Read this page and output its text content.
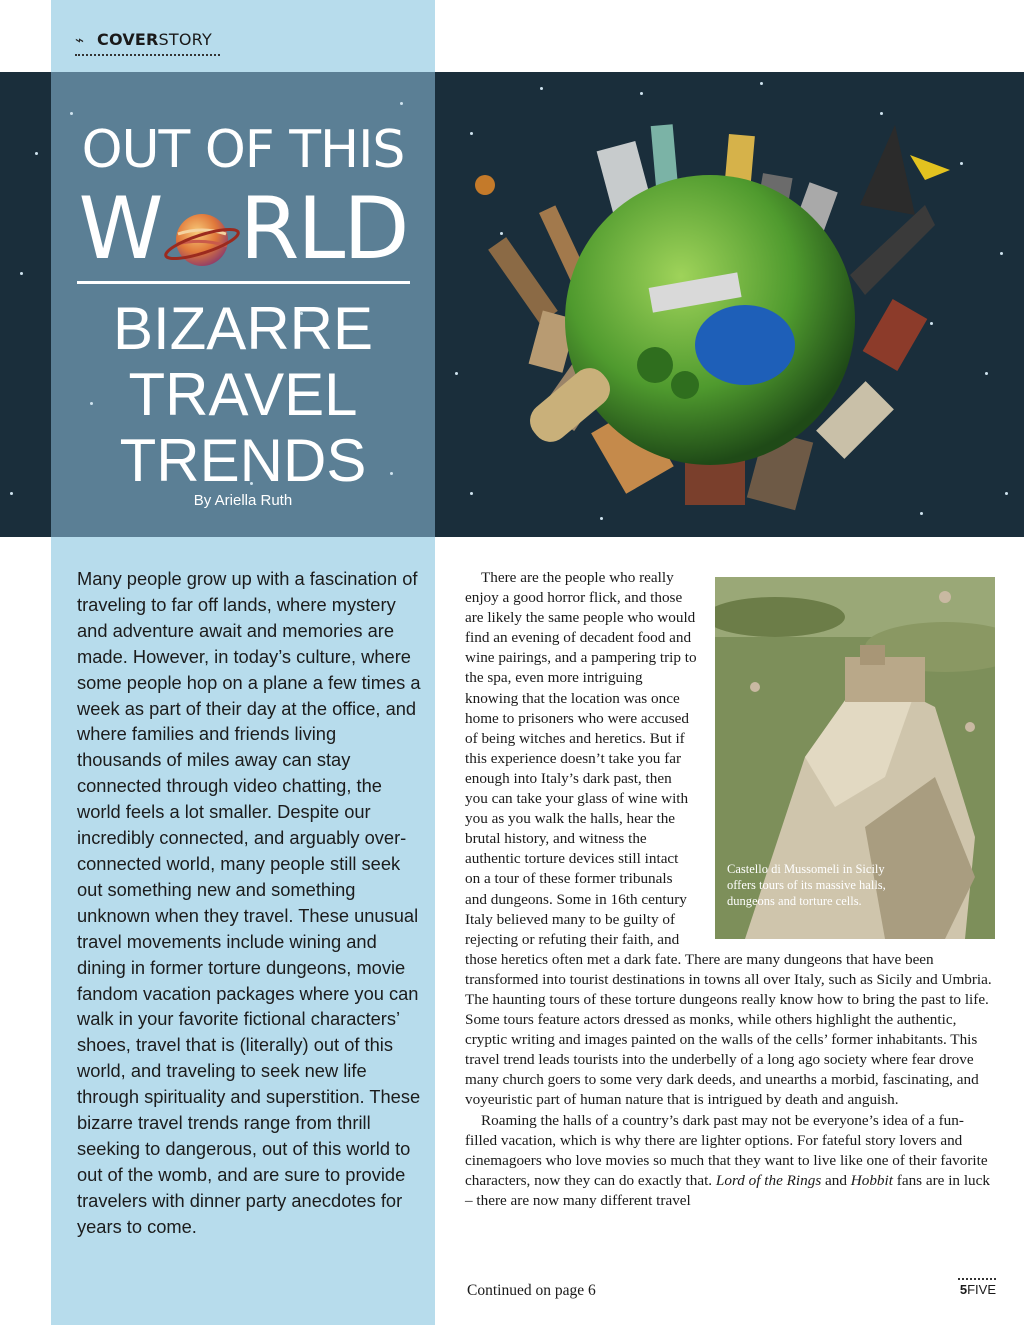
⌁ COVERSTORY
OUT OF THIS
W RLD
BIZARRE
TRAVEL
TRENDS
By Ariella Ruth

Many people grow up with a fascination of traveling to far off lands, where mystery and adventure await and memories are made. However, in today’s culture, where some people hop on a plane a few times a week as part of their day at the office, and where families and friends living thousands of miles away can stay connected through video chatting, the world feels a lot smaller. Despite our incredibly connected, and arguably over-connected world, many people still seek out something new and something unknown when they travel. These unusual travel movements include wining and dining in former torture dungeons, movie fandom vacation packages where you can walk in your favorite fictional characters’ shoes, travel that is (literally) out of this world, and traveling to seek new life through spirituality and superstition. These bizarre travel trends range from thrill seeking to dangerous, out of this world to out of the womb, and are sure to provide travelers with dinner party anecdotes for years to come.

Castello di Mussomeli in Sicily offers tours of its massive halls, dungeons and torture cells.
There are the people who really enjoy a good horror flick, and those are likely the same people who would find an evening of decadent food and wine pairings, and a pampering trip to the spa, even more intriguing knowing that the location was once home to prisoners who were accused of being witches and heretics. But if this experience doesn’t take you far enough into Italy’s dark past, then you can take your glass of wine with you as you walk the halls, hear the brutal history, and witness the authentic torture devices still intact on a tour of these former tribunals and dungeons. Some in 16th century Italy believed many to be guilty of rejecting or refuting their faith, and those heretics often met a dark fate. There are many dungeons that have been transformed into tourist destinations in towns all over Italy, such as Sicily and Umbria. The haunting tours of these torture dungeons really know how to bring the past to life. Some tours feature actors dressed as monks, while others highlight the authentic, cryptic writing and images painted on the walls of the cells’ former inhabitants. This travel trend leads tourists into the underbelly of a long ago society where fear drove many church goers to some very dark deeds, and unearths a morbid, fascinating, and voyeuristic part of human nature that is intrigued by death and anguish.

Roaming the halls of a country’s dark past may not be everyone’s idea of a fun-filled vacation, which is why there are lighter options. For fateful story lovers and cinemagoers who love movies so much that they want to live like one of their favorite characters, now they can do exactly that. Lord of the Rings and Hobbit fans are in luck – there are now many different travel

Continued on page 6	5FIVE
